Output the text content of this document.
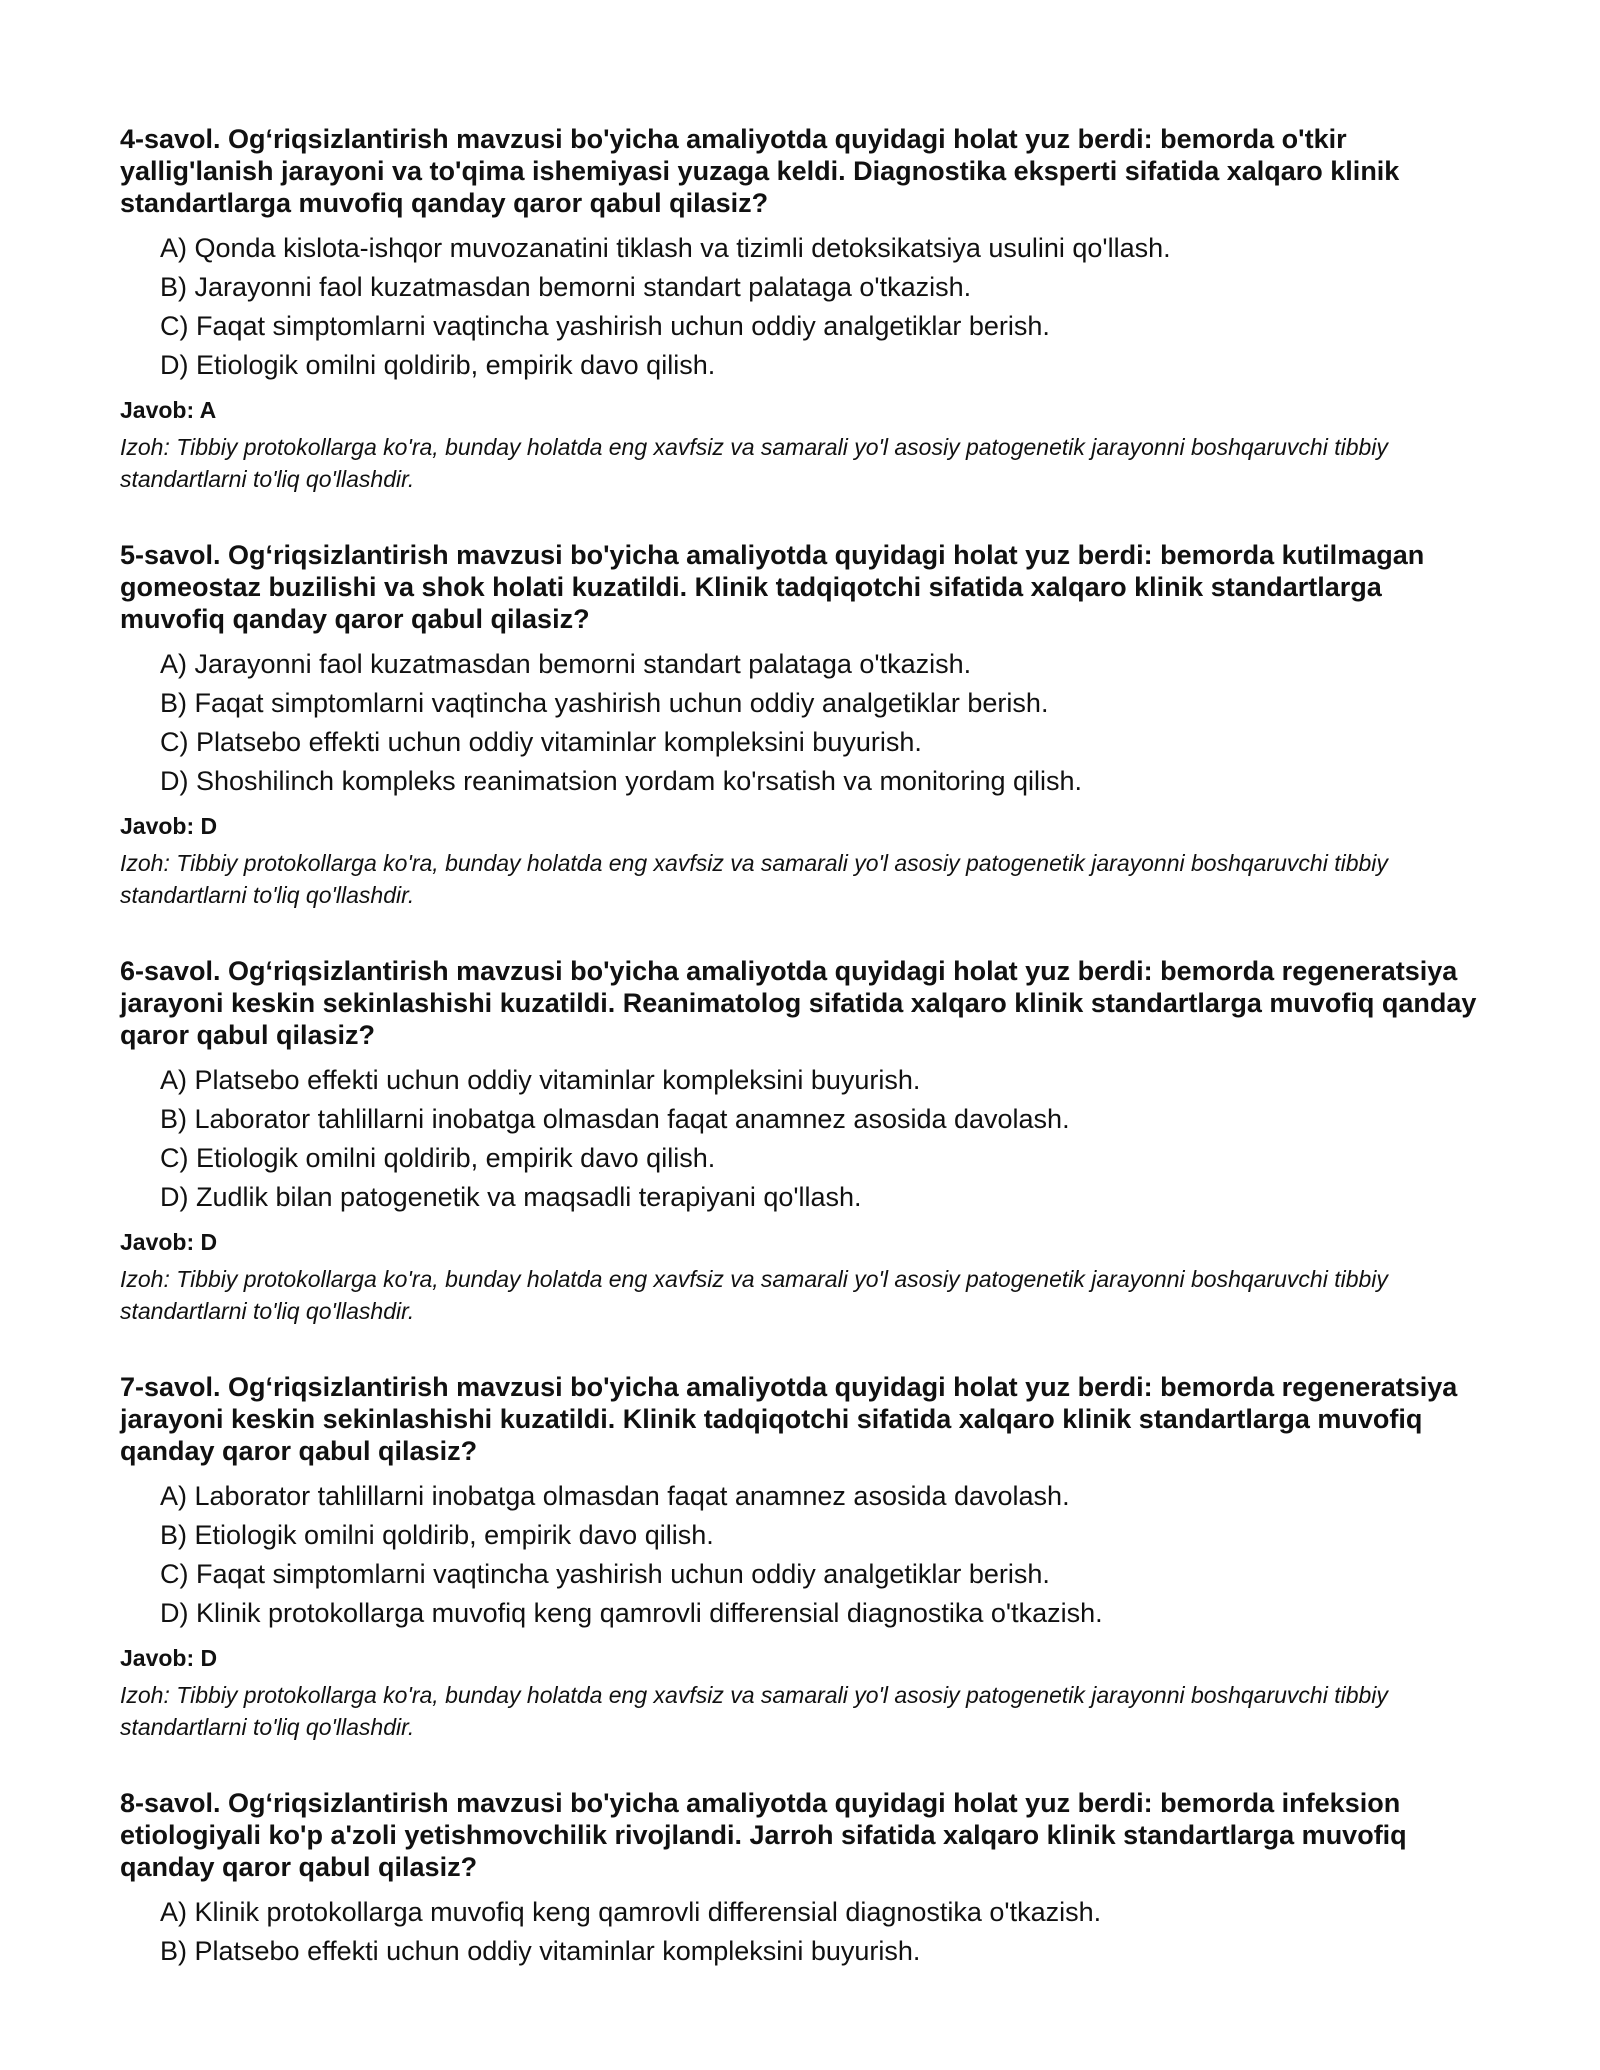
4-savol. Og‘riqsizlantirish mavzusi bo'yicha amaliyotda quyidagi holat yuz berdi: bemorda o'tkir yallig'lanish jarayoni va to'qima ishemiyasi yuzaga keldi. Diagnostika eksperti sifatida xalqaro klinik standartlarga muvofiq qanday qaror qabul qilasiz?

A) Qonda kislota-ishqor muvozanatini tiklash va tizimli detoksikatsiya usulini qo'llash.
B) Jarayonni faol kuzatmasdan bemorni standart palataga o'tkazish.
C) Faqat simptomlarni vaqtincha yashirish uchun oddiy analgetiklar berish.
D) Etiologik omilni qoldirib, empirik davo qilish.

Javob: A

Izoh: Tibbiy protokollarga ko'ra, bunday holatda eng xavfsiz va samarali yo'l asosiy patogenetik jarayonni boshqaruvchi tibbiy standartlarni to'liq qo'llashdir.

5-savol. Og‘riqsizlantirish mavzusi bo'yicha amaliyotda quyidagi holat yuz berdi: bemorda kutilmagan gomeostaz buzilishi va shok holati kuzatildi. Klinik tadqiqotchi sifatida xalqaro klinik standartlarga muvofiq qanday qaror qabul qilasiz?

A) Jarayonni faol kuzatmasdan bemorni standart palataga o'tkazish.
B) Faqat simptomlarni vaqtincha yashirish uchun oddiy analgetiklar berish.
C) Platsebo effekti uchun oddiy vitaminlar kompleksini buyurish.
D) Shoshilinch kompleks reanimatsion yordam ko'rsatish va monitoring qilish.

Javob: D

Izoh: Tibbiy protokollarga ko'ra, bunday holatda eng xavfsiz va samarali yo'l asosiy patogenetik jarayonni boshqaruvchi tibbiy standartlarni to'liq qo'llashdir.

6-savol. Og‘riqsizlantirish mavzusi bo'yicha amaliyotda quyidagi holat yuz berdi: bemorda regeneratsiya jarayoni keskin sekinlashishi kuzatildi. Reanimatolog sifatida xalqaro klinik standartlarga muvofiq qanday qaror qabul qilasiz?

A) Platsebo effekti uchun oddiy vitaminlar kompleksini buyurish.
B) Laborator tahlillarni inobatga olmasdan faqat anamnez asosida davolash.
C) Etiologik omilni qoldirib, empirik davo qilish.
D) Zudlik bilan patogenetik va maqsadli terapiyani qo'llash.

Javob: D

Izoh: Tibbiy protokollarga ko'ra, bunday holatda eng xavfsiz va samarali yo'l asosiy patogenetik jarayonni boshqaruvchi tibbiy standartlarni to'liq qo'llashdir.

7-savol. Og‘riqsizlantirish mavzusi bo'yicha amaliyotda quyidagi holat yuz berdi: bemorda regeneratsiya jarayoni keskin sekinlashishi kuzatildi. Klinik tadqiqotchi sifatida xalqaro klinik standartlarga muvofiq qanday qaror qabul qilasiz?

A) Laborator tahlillarni inobatga olmasdan faqat anamnez asosida davolash.
B) Etiologik omilni qoldirib, empirik davo qilish.
C) Faqat simptomlarni vaqtincha yashirish uchun oddiy analgetiklar berish.
D) Klinik protokollarga muvofiq keng qamrovli differensial diagnostika o'tkazish.

Javob: D

Izoh: Tibbiy protokollarga ko'ra, bunday holatda eng xavfsiz va samarali yo'l asosiy patogenetik jarayonni boshqaruvchi tibbiy standartlarni to'liq qo'llashdir.

8-savol. Og‘riqsizlantirish mavzusi bo'yicha amaliyotda quyidagi holat yuz berdi: bemorda infeksion etiologiyali ko'p a'zoli yetishmovchilik rivojlandi. Jarroh sifatida xalqaro klinik standartlarga muvofiq qanday qaror qabul qilasiz?

A) Klinik protokollarga muvofiq keng qamrovli differensial diagnostika o'tkazish.
B) Platsebo effekti uchun oddiy vitaminlar kompleksini buyurish.
